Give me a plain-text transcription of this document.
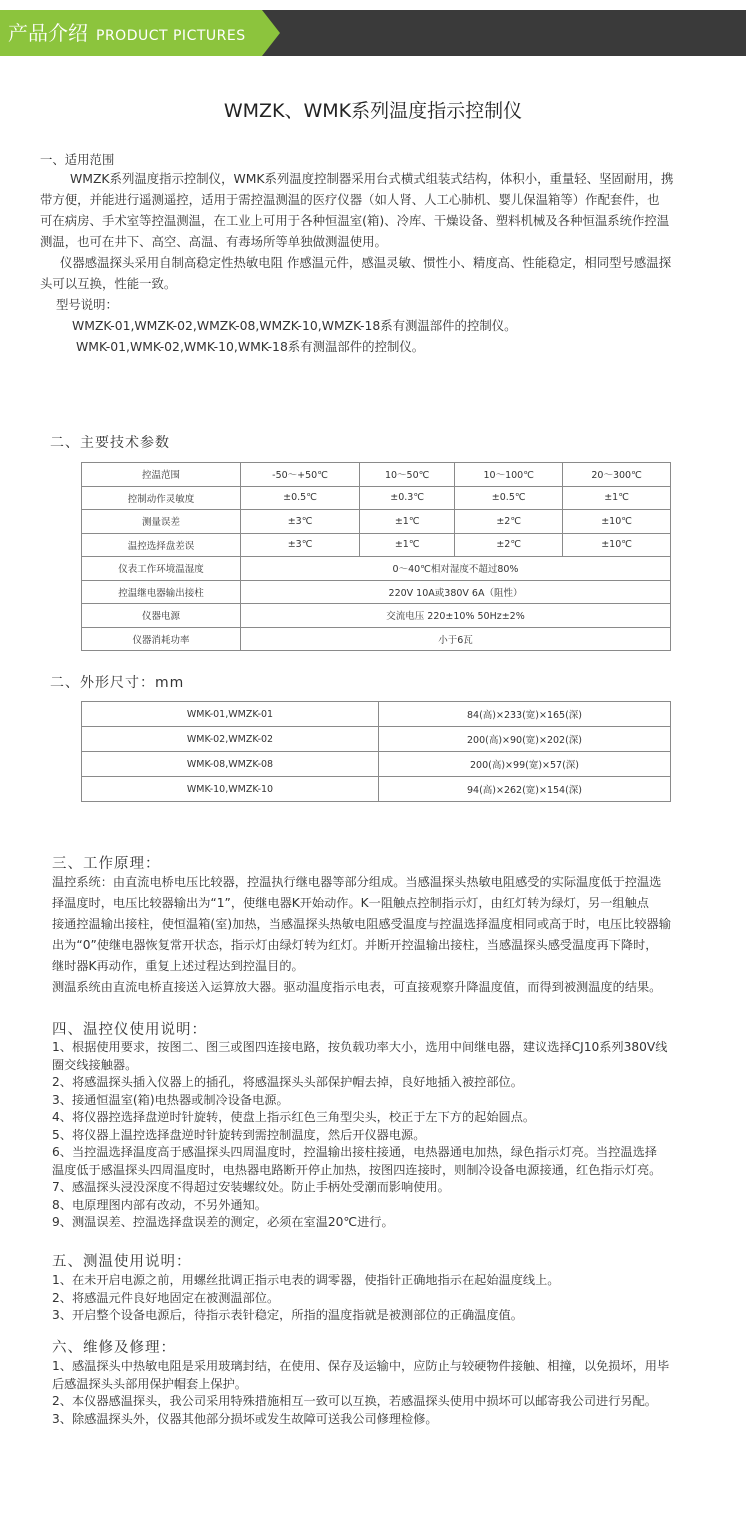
产品介绍 PRODUCT PICTURES
WMZK、WMK系列温度指示控制仪
一、适用范围

WMZK系列温度指示控制仪，WMK系列温度控制器采用台式横式组装式结构，体积小，重量轻、坚固耐用，携

带方便，并能进行遥测遥控，适用于需控温测温的医疗仪器（如人肾、人工心肺机、婴儿保温箱等）作配套件，也

可在病房、手术室等控温测温，在工业上可用于各种恒温室(箱)、冷库、干燥设备、塑料机械及各种恒温系统作控温

测温，也可在井下、高空、高温、有毒场所等单独做测温使用。

仪器感温探头采用自制高稳定性热敏电阻 作感温元件，感温灵敏、惯性小、精度高、性能稳定，相同型号感温探

头可以互换，性能一致。

型号说明：

WMZK-01,WMZK-02,WMZK-08,WMZK-10,WMZK-18系有测温部件的控制仪。

WMK-01,WMK-02,WMK-10,WMK-18系有测温部件的控制仪。

二、主要技术参数
控温范围	-50～+50℃	10～50℃	10～100℃	20～300℃
控制动作灵敏度	±0.5℃	±0.3℃	±0.5℃	±1℃
测量误差	±3℃	±1℃	±2℃	±10℃
温控选择盘差误	±3℃	±1℃	±2℃	±10℃
仪表工作环境温湿度	0～40℃相对湿度不超过80%			
控温继电器输出接柱	220V 10A或380V 6A（阻性）			
仪器电源	交流电压 220±10% 50Hz±2%			
仪器消耗功率	小于6瓦			
二、外形尺寸：mm
WMK-01,WMZK-01	84(高)×233(宽)×165(深)
WMK-02,WMZK-02	200(高)×90(宽)×202(深)
WMK-08,WMZK-08	200(高)×99(宽)×57(深)
WMK-10,WMZK-10	94(高)×262(宽)×154(深)
三、工作原理：

温控系统：由直流电桥电压比较器，控温执行继电器等部分组成。当感温探头热敏电阻感受的实际温度低于控温选

择温度时，电压比较器输出为“1”，使继电器K开始动作。K一阻触点控制指示灯，由红灯转为绿灯，另一组触点

接通控温输出接柱，使恒温箱(室)加热，当感温探头热敏电阻感受温度与控温选择温度相同或高于时，电压比较器输

出为“0”使继电器恢复常开状态，指示灯由绿灯转为红灯。并断开控温输出接柱，当感温探头感受温度再下降时，

继时器K再动作，重复上述过程达到控温目的。

测温系统由直流电桥直接送入运算放大器。驱动温度指示电表，可直接观察升降温度值，而得到被测温度的结果。

四、温控仪使用说明：

1、根据使用要求，按图二、图三或图四连接电路，按负载功率大小，选用中间继电器，建议选择CJ10系列380V线

圈交线接触器。

2、将感温探头插入仪器上的插孔，将感温探头头部保护帽去掉，良好地插入被控部位。

3、接通恒温室(箱)电热器或制冷设备电源。

4、将仪器控选择盘逆时针旋转，使盘上指示红色三角型尖头，校正于左下方的起始圆点。

5、将仪器上温控选择盘逆时针旋转到需控制温度，然后开仪器电源。

6、当控温选择温度高于感温探头四周温度时，控温输出接柱接通，电热器通电加热，绿色指示灯亮。当控温选择

温度低于感温探头四周温度时，电热器电路断开停止加热，按图四连接时，则制冷设备电源接通，红色指示灯亮。

7、感温探头浸没深度不得超过安装螺纹处。防止手柄处受潮而影响使用。

8、电原理图内部有改动，不另外通知。

9、测温误差、控温选择盘误差的测定，必须在室温20℃进行。

五、测温使用说明：

1、在未开启电源之前，用螺丝批调正指示电表的调零器，使指针正确地指示在起始温度线上。

2、将感温元件良好地固定在被测温部位。

3、开启整个设备电源后，待指示表针稳定，所指的温度指就是被测部位的正确温度值。

六、维修及修理：

1、感温探头中热敏电阻是采用玻璃封结，在使用、保存及运输中，应防止与较硬物件接触、相撞，以免损坏，用毕

后感温探头头部用保护帽套上保护。

2、本仪器感温探头，我公司采用特殊措施相互一致可以互换，若感温探头使用中损坏可以邮寄我公司进行另配。

3、除感温探头外，仪器其他部分损坏或发生故障可送我公司修理检修。
